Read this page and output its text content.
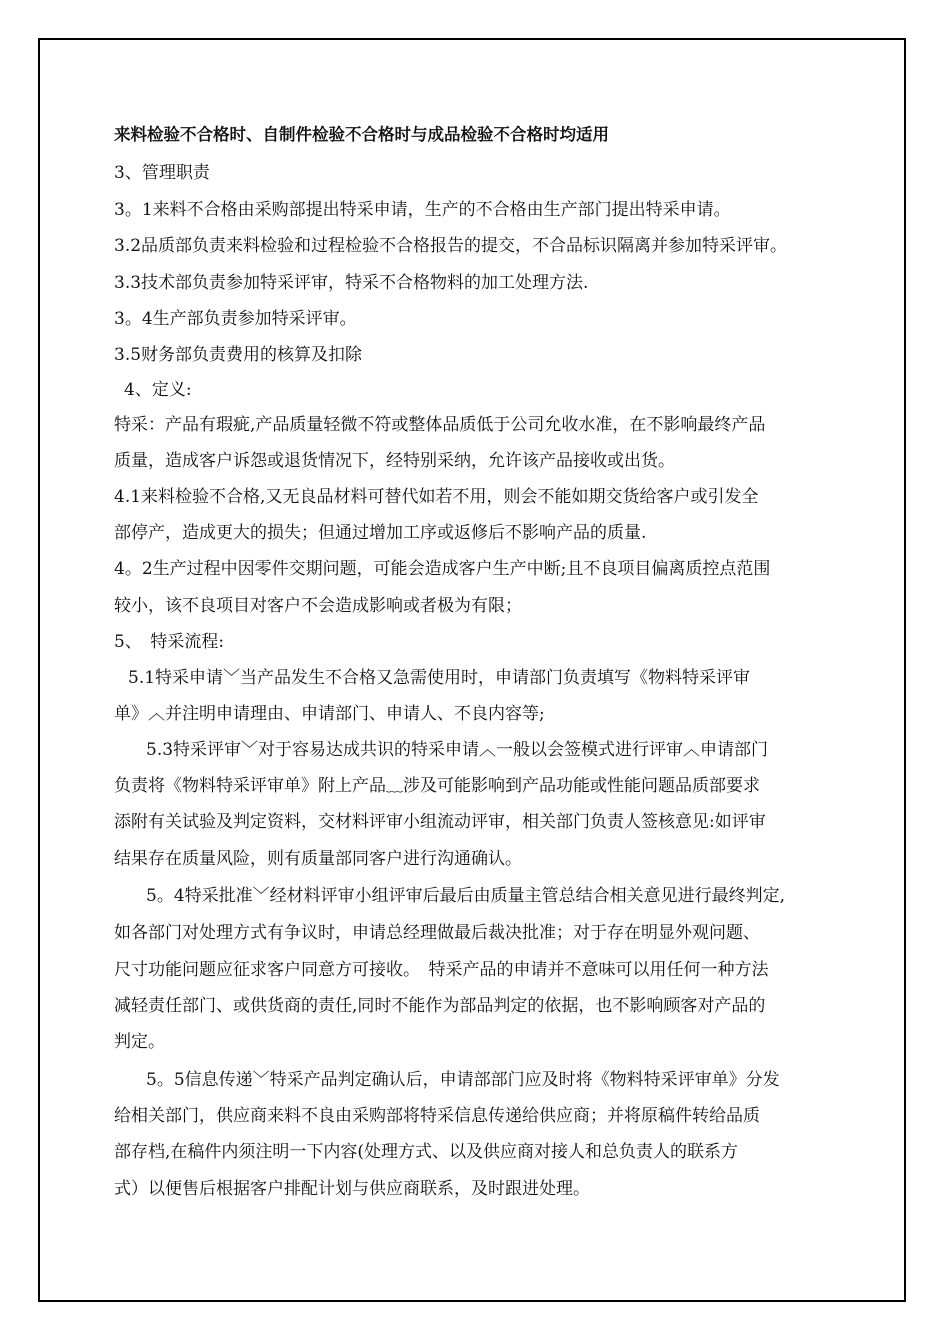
来料检验不合格时、自制件检验不合格时与成品检验不合格时均适用

3、管理职责

3。1来料不合格由采购部提出特采申请，生产的不合格由生产部门提出特采申请。

3.2品质部负责来料检验和过程检验不合格报告的提交，不合品标识隔离并参加特采评审。

3.3技术部负责参加特采评审，特采不合格物料的加工处理方法.

3。4生产部负责参加特采评审。

3.5财务部负责费用的核算及扣除

4、定义:

特采：产品有瑕疵,产品质量轻微不符或整体品质低于公司允收水准，在不影响最终产品

质量，造成客户诉怨或退货情况下，经特别采纳，允许该产品接收或出货。

4.1来料检验不合格,又无良品材料可替代如若不用，则会不能如期交货给客户或引发全

部停产，造成更大的损失；但通过增加工序或返修后不影响产品的质量.

4。2生产过程中因零件交期问题，可能会造成客户生产中断;且不良项目偏离质控点范围

较小，该不良项目对客户不会造成影响或者极为有限；

5、　特采流程:

5.1特采申请﹀当产品发生不合格又急需使用时，申请部门负责填写《物料特采评审

单》︿并注明申请理由、申请部门、申请人、不良内容等;

5.3特采评审﹀对于容易达成共识的特采申请︿一般以会签模式进行评审︿申请部门

负责将《物料特采评审单》附上产品﹏涉及可能影响到产品功能或性能问题品质部要求

添附有关试验及判定资料，交材料评审小组流动评审，相关部门负责人签核意见:如评审

结果存在质量风险，则有质量部同客户进行沟通确认。

5。4特采批准﹀经材料评审小组评审后最后由质量主管总结合相关意见进行最终判定,

如各部门对处理方式有争议时，申请总经理做最后裁决批准；对于存在明显外观问题、

尺寸功能问题应征求客户同意方可接收。　特采产品的申请并不意味可以用任何一种方法

减轻责任部门、或供货商的责任,同时不能作为部品判定的依据，也不影响顾客对产品的

判定。

5。5信息传递﹀特采产品判定确认后，申请部部门应及时将《物料特采评审单》分发

给相关部门，供应商来料不良由采购部将特采信息传递给供应商；并将原稿件转给品质

部存档,在稿件内须注明一下内容(处理方式、以及供应商对接人和总负责人的联系方

式）以便售后根据客户排配计划与供应商联系，及时跟进处理。
